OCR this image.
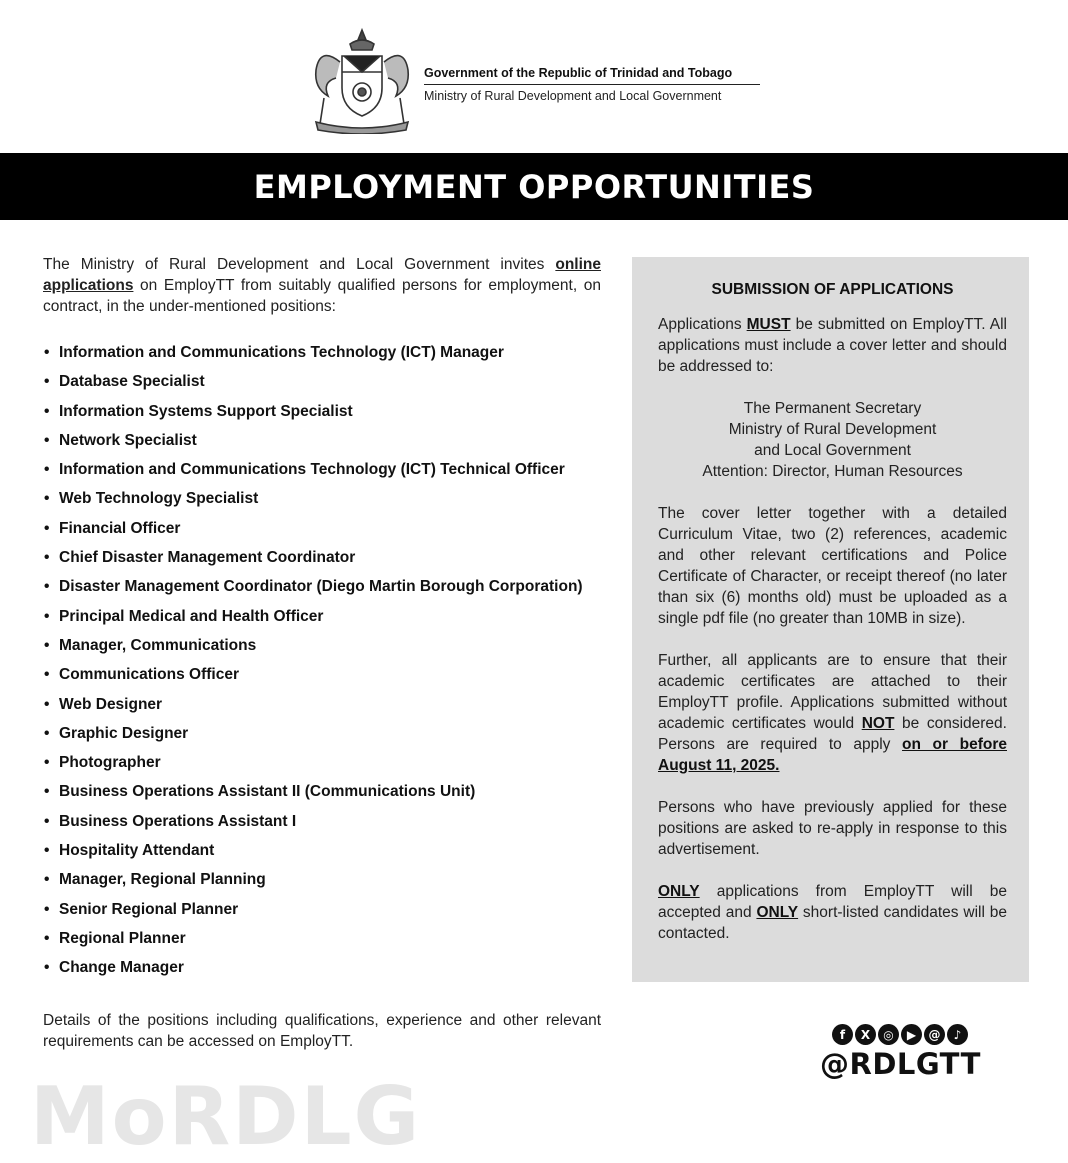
Government of the Republic of Trinidad and Tobago
Ministry of Rural Development and Local Government
EMPLOYMENT OPPORTUNITIES
The Ministry of Rural Development and Local Government invites online applications on EmployTT from suitably qualified persons for employment, on contract, in the under-mentioned positions:
• Information and Communications Technology (ICT) Manager
• Database Specialist
• Information Systems Support Specialist
• Network Specialist
• Information and Communications Technology (ICT) Technical Officer
• Web Technology Specialist
• Financial Officer
• Chief Disaster Management Coordinator
• Disaster Management Coordinator (Diego Martin Borough Corporation)
• Principal Medical and Health Officer
• Manager, Communications
• Communications Officer
• Web Designer
• Graphic Designer
• Photographer
• Business Operations Assistant II (Communications Unit)
• Business Operations Assistant I
• Hospitality Attendant
• Manager, Regional Planning
• Senior Regional Planner
• Regional Planner
• Change Manager
Details of the positions including qualifications, experience and other relevant requirements can be accessed on EmployTT.
MoRDLG
SUBMISSION OF APPLICATIONS

Applications MUST be submitted on EmployTT. All applications must include a cover letter and should be addressed to:

The Permanent Secretary
Ministry of Rural Development
and Local Government
Attention: Director, Human Resources

The cover letter together with a detailed Curriculum Vitae, two (2) references, academic and other relevant certifications and Police Certificate of Character, or receipt thereof (no later than six (6) months old) must be uploaded as a single pdf file (no greater than 10MB in size).

Further, all applicants are to ensure that their academic certificates are attached to their EmployTT profile. Applications submitted without academic certificates would NOT be considered. Persons are required to apply on or before August 11, 2025.

Persons who have previously applied for these positions are asked to re-apply in response to this advertisement.

ONLY applications from EmployTT will be accepted and ONLY short-listed candidates will be contacted.

f	X	◎	▶	@	♪
@RDLGTT
